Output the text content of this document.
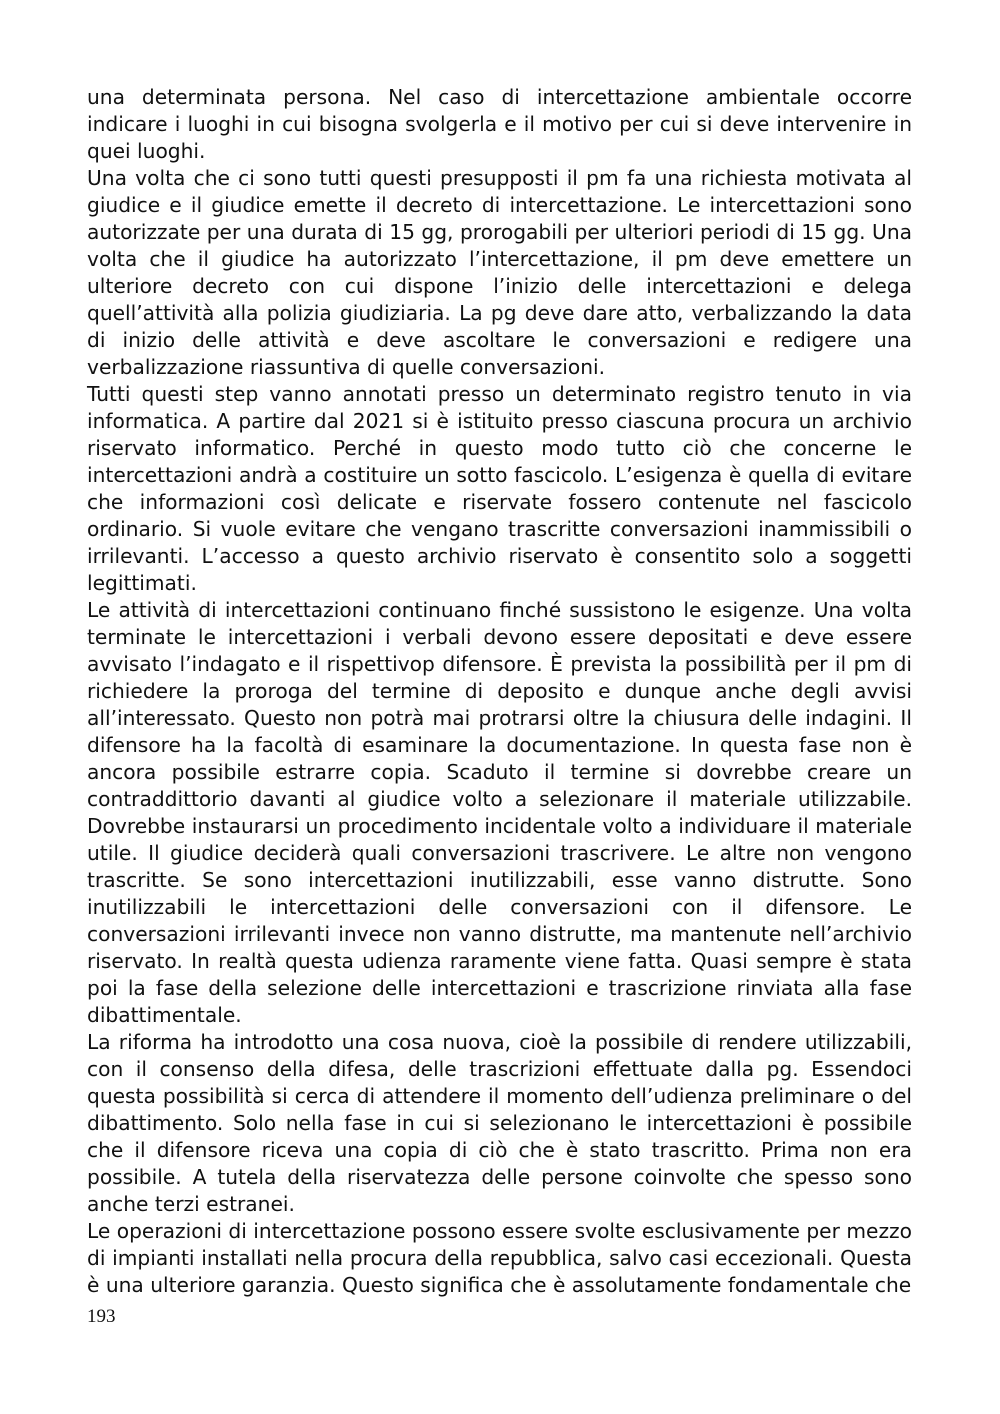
una determinata persona. Nel caso di intercettazione ambientale occorre indicare i luoghi in cui bisogna svolgerla e il motivo per cui si deve intervenire in quei luoghi.

Una volta che ci sono tutti questi presupposti il pm fa una richiesta motivata al giudice e il giudice emette il decreto di intercettazione. Le intercettazioni sono autorizzate per una durata di 15 gg, prorogabili per ulteriori periodi di 15 gg. Una volta che il giudice ha autorizzato l’intercettazione, il pm deve emettere un ulteriore decreto con cui dispone l’inizio delle intercettazioni e delega quell’attività alla polizia giudiziaria. La pg deve dare atto, verbalizzando la data di inizio delle attività e deve ascoltare le conversazioni e redigere una verbalizzazione riassuntiva di quelle conversazioni.

Tutti questi step vanno annotati presso un determinato registro tenuto in via informatica. A partire dal 2021 si è istituito presso ciascuna procura un archivio riservato informatico. Perché in questo modo tutto ciò che concerne le intercettazioni andrà a costituire un sotto fascicolo. L’esigenza è quella di evitare che informazioni così delicate e riservate fossero contenute nel fascicolo ordinario. Si vuole evitare che vengano trascritte conversazioni inammissibili o irrilevanti. L’accesso a questo archivio riservato è consentito solo a soggetti legittimati.

Le attività di intercettazioni continuano finché sussistono le esigenze. Una volta terminate le intercettazioni i verbali devono essere depositati e deve essere avvisato l’indagato e il rispettivop difensore. È prevista la possibilità per il pm di richiedere la proroga del termine di deposito e dunque anche degli avvisi all’interessato. Questo non potrà mai protrarsi oltre la chiusura delle indagini. Il difensore ha la facoltà di esaminare la documentazione. In questa fase non è ancora possibile estrarre copia. Scaduto il termine si dovrebbe creare un contraddittorio davanti al giudice volto a selezionare il materiale utilizzabile. Dovrebbe instaurarsi un procedimento incidentale volto a individuare il materiale utile. Il giudice deciderà quali conversazioni trascrivere. Le altre non vengono trascritte. Se sono intercettazioni inutilizzabili, esse vanno distrutte. Sono inutilizzabili le intercettazioni delle conversazioni con il difensore. Le conversazioni irrilevanti invece non vanno distrutte, ma mantenute nell’archivio riservato. In realtà questa udienza raramente viene fatta. Quasi sempre è stata poi la fase della selezione delle intercettazioni e trascrizione rinviata alla fase dibattimentale.

La riforma ha introdotto una cosa nuova, cioè la possibile di rendere utilizzabili, con il consenso della difesa, delle trascrizioni effettuate dalla pg. Essendoci questa possibilità si cerca di attendere il momento dell’udienza preliminare o del dibattimento. Solo nella fase in cui si selezionano le intercettazioni è possibile che il difensore riceva una copia di ciò che è stato trascritto. Prima non era possibile. A tutela della riservatezza delle persone coinvolte che spesso sono anche terzi estranei.

Le operazioni di intercettazione possono essere svolte esclusivamente per mezzo di impianti installati nella procura della repubblica, salvo casi eccezionali. Questa è una ulteriore garanzia. Questo significa che è assolutamente fondamentale che

193
